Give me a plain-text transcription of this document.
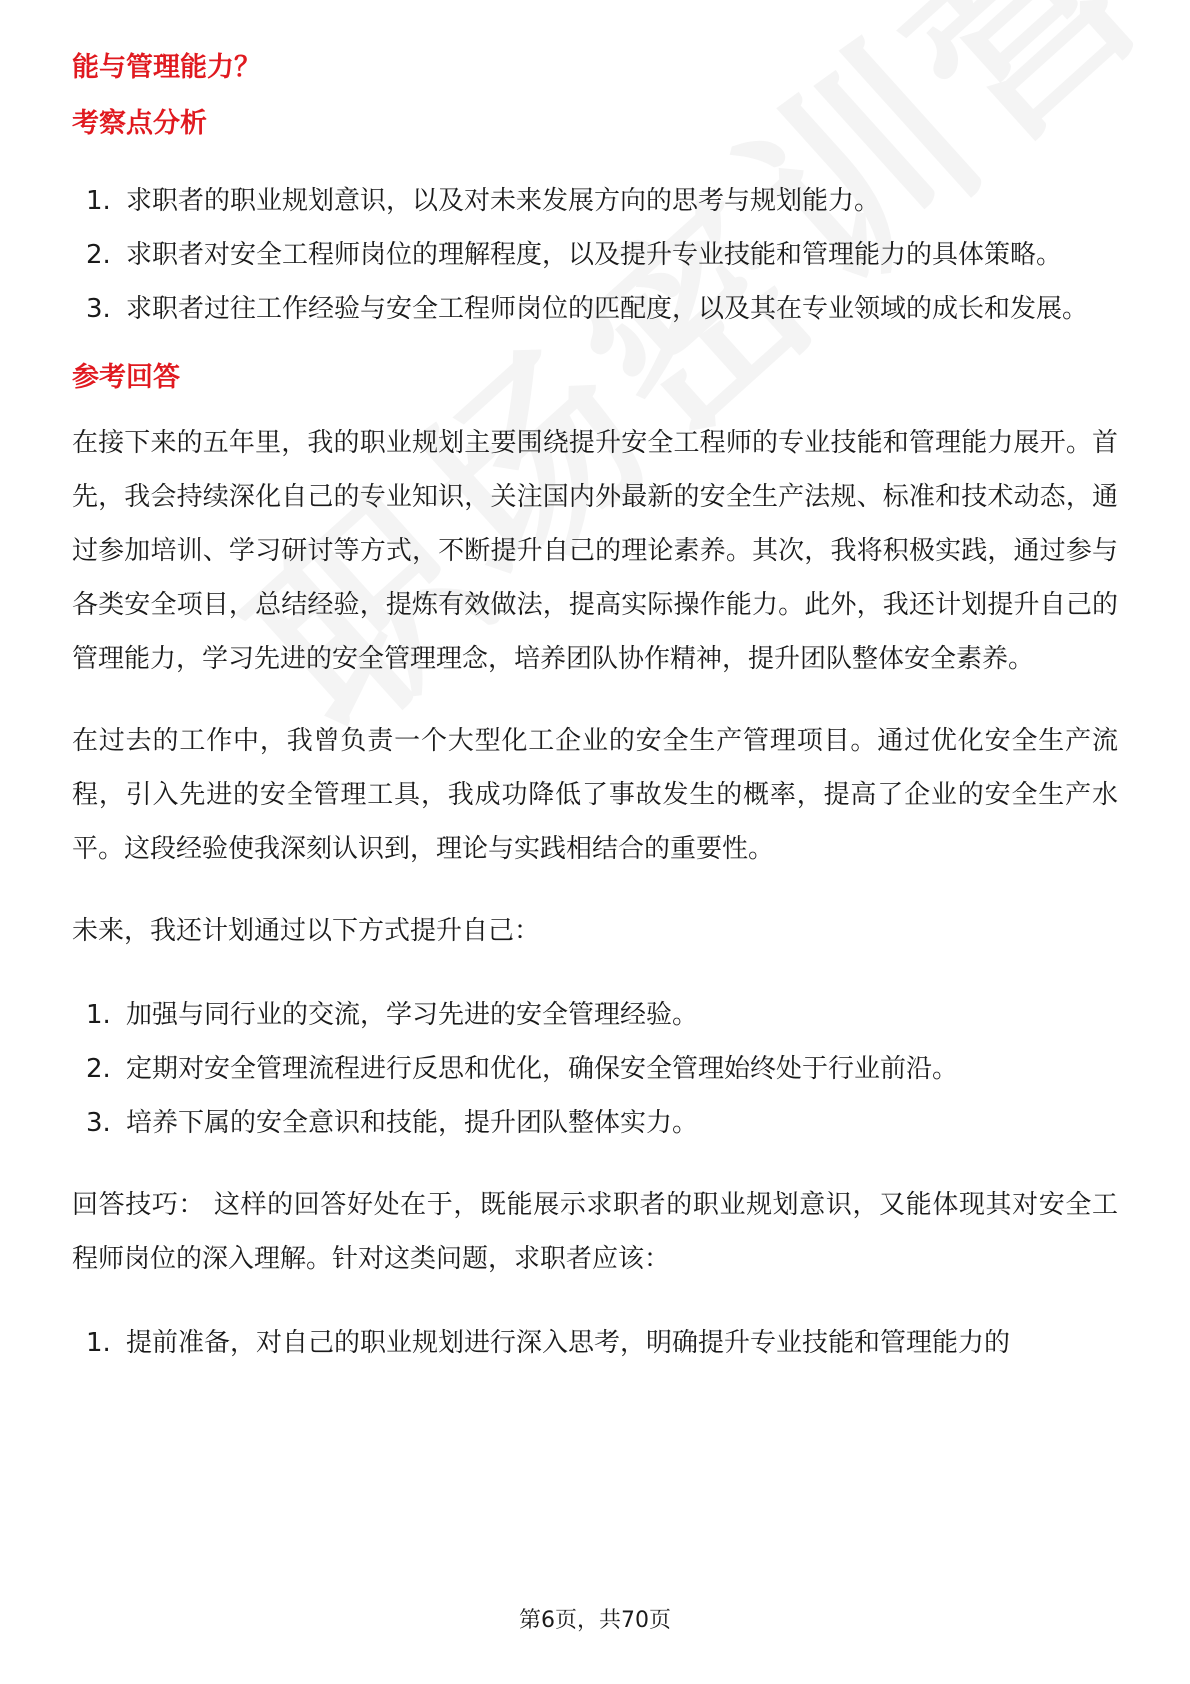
能与管理能力？
考察点分析
1. 求职者的职业规划意识，以及对未来发展方向的思考与规划能力。
2. 求职者对安全工程师岗位的理解程度，以及提升专业技能和管理能力的具体策略。
3. 求职者过往工作经验与安全工程师岗位的匹配度，以及其在专业领域的成长和发展。
参考回答

在接下来的五年里，我的职业规划主要围绕提升安全工程师的专业技能和管理能力展开。首先，我会持续深化自己的专业知识，关注国内外最新的安全生产法规、标准和技术动态，通过参加培训、学习研讨等方式，不断提升自己的理论素养。其次，我将积极实践，通过参与各类安全项目，总结经验，提炼有效做法，提高实际操作能力。此外，我还计划提升自己的管理能力，学习先进的安全管理理念，培养团队协作精神，提升团队整体安全素养。

在过去的工作中，我曾负责一个大型化工企业的安全生产管理项目。通过优化安全生产流程，引入先进的安全管理工具，我成功降低了事故发生的概率，提高了企业的安全生产水平。这段经验使我深刻认识到，理论与实践相结合的重要性。

未来，我还计划通过以下方式提升自己：

1. 加强与同行业的交流，学习先进的安全管理经验。
2. 定期对安全管理流程进行反思和优化，确保安全管理始终处于行业前沿。
3. 培养下属的安全意识和技能，提升团队整体实力。

回答技巧： 这样的回答好处在于，既能展示求职者的职业规划意识，又能体现其对安全工程师岗位的深入理解。针对这类问题，求职者应该：

1. 提前准备，对自己的职业规划进行深入思考，明确提升专业技能和管理能力的
第6页，共70页
